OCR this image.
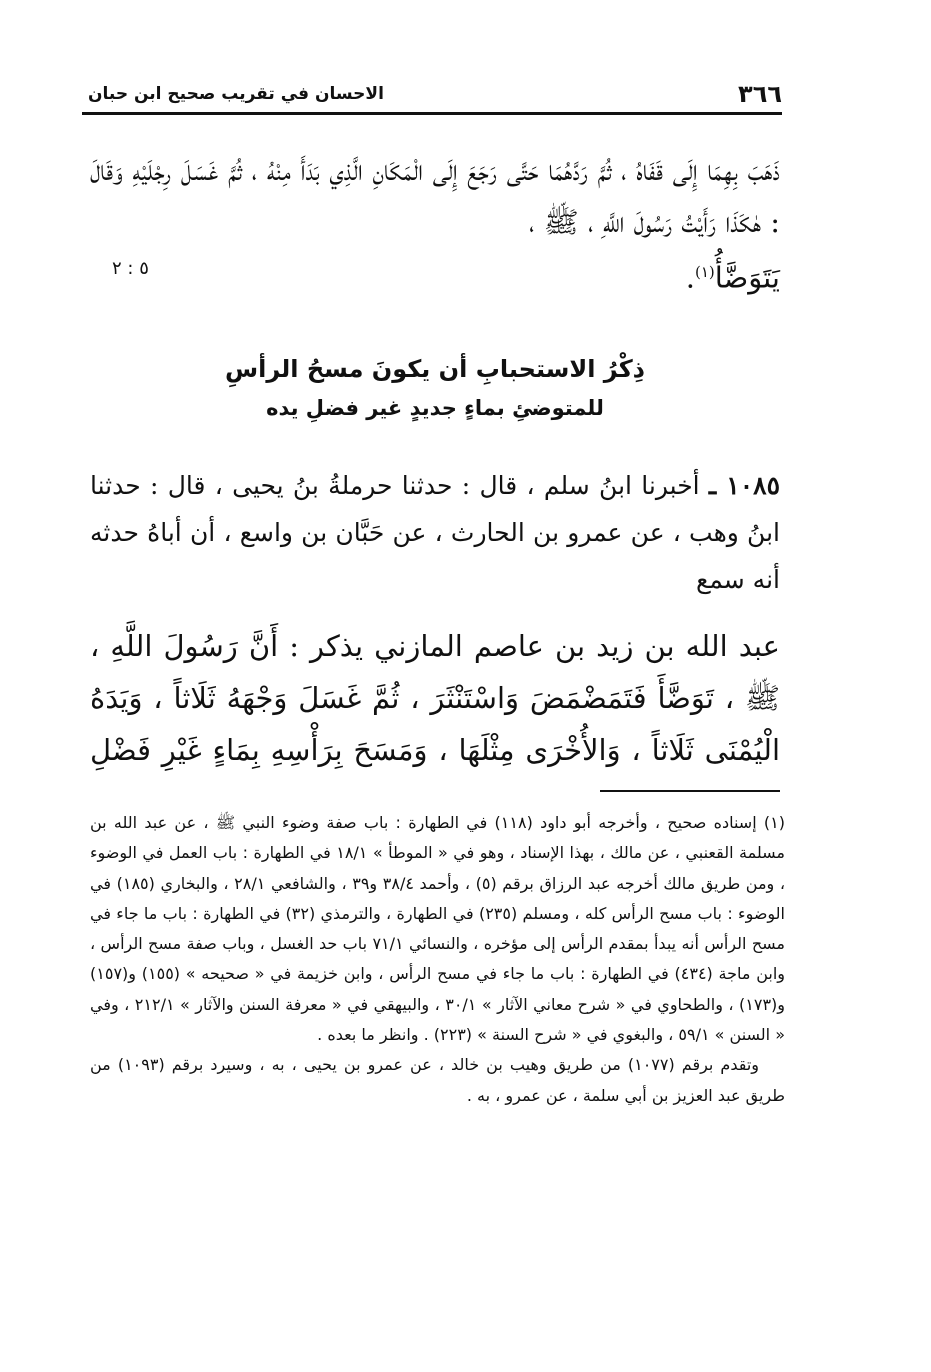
٣٦٦
الاحسان في تقريب صحيح ابن حبان
ذَهَبَ بِهِمَا إِلَى قَفَاهُ ، ثُمَّ رَدَّهُمَا حَتَّى رَجَعَ إِلَى الْمَكَانِ الَّذِي بَدَأَ مِنْهُ ، ثُمَّ غَسَلَ رِجْلَيْهِ وَقَالَ : هٰكَذَا رَأَيْتُ رَسُولَ اللَّهِ ، ﷺ ،
يَتَوَضَّأُ$^{(١)}$.
٥ : ٢
ذِكْرُ الاستحبابِ أن يكونَ مسحُ الرأسِ
للمتوضئِ بماءٍ جديدٍ غير فضلِ يده
١٠٨٥ ـ أخبرنا ابنُ سلم ، قال : حدثنا حرملةُ بنُ يحيى ، قال : حدثنا ابنُ وهب ، عن عمرو بن الحارث ، عن حَبَّان بن واسع ، أن أباهُ حدثه أنه سمع
عبد الله بن زيد بن عاصم المازني يذكر : أَنَّ رَسُولَ اللَّهِ ،
ﷺ ، تَوَضَّأَ فَتَمَضْمَضَ وَاسْتَنْثَرَ ، ثُمَّ غَسَلَ وَجْهَهُ ثَلَاثاً ، وَيَدَهُ
الْيُمْنَى ثَلَاثاً ، وَالأُخْرَى مِثْلَهَا ، وَمَسَحَ بِرَأْسِهِ بِمَاءٍ غَيْرِ فَضْلِ

(١) إسناده صحيح ، وأخرجه أبو داود (١١٨) في الطهارة : باب صفة وضوء النبي ﷺ ، عن عبد الله بن مسلمة القعنبي ، عن مالك ، بهذا الإسناد ، وهو في « الموطأ » ١٨/١ في الطهارة : باب العمل في الوضوء ، ومن طريق مالك أخرجه عبد الرزاق برقم (٥) ، وأحمد ٣٨/٤ و٣٩ ، والشافعي ٢٨/١ ، والبخاري (١٨٥) في الوضوء : باب مسح الرأس كله ، ومسلم (٢٣٥) في الطهارة ، والترمذي (٣٢) في الطهارة : باب ما جاء في مسح الرأس أنه يبدأ بمقدم الرأس إلى مؤخره ، والنسائي ٧١/١ باب حد الغسل ، وباب صفة مسح الرأس ، وابن ماجة (٤٣٤) في الطهارة : باب ما جاء في مسح الرأس ، وابن خزيمة في « صحيحه » (١٥٥) و(١٥٧) و(١٧٣) ، والطحاوي في « شرح معاني الآثار » ٣٠/١ ، والبيهقي في « معرفة السنن والآثار » ٢١٢/١ ، وفي « السنن » ٥٩/١ ، والبغوي في « شرح السنة » (٢٢٣) . وانظر ما بعده .

وتقدم برقم (١٠٧٧) من طريق وهيب بن خالد ، عن عمرو بن يحيى ، به ، وسيرد برقم (١٠٩٣) من طريق عبد العزيز بن أبي سلمة ، عن عمرو ، به .
